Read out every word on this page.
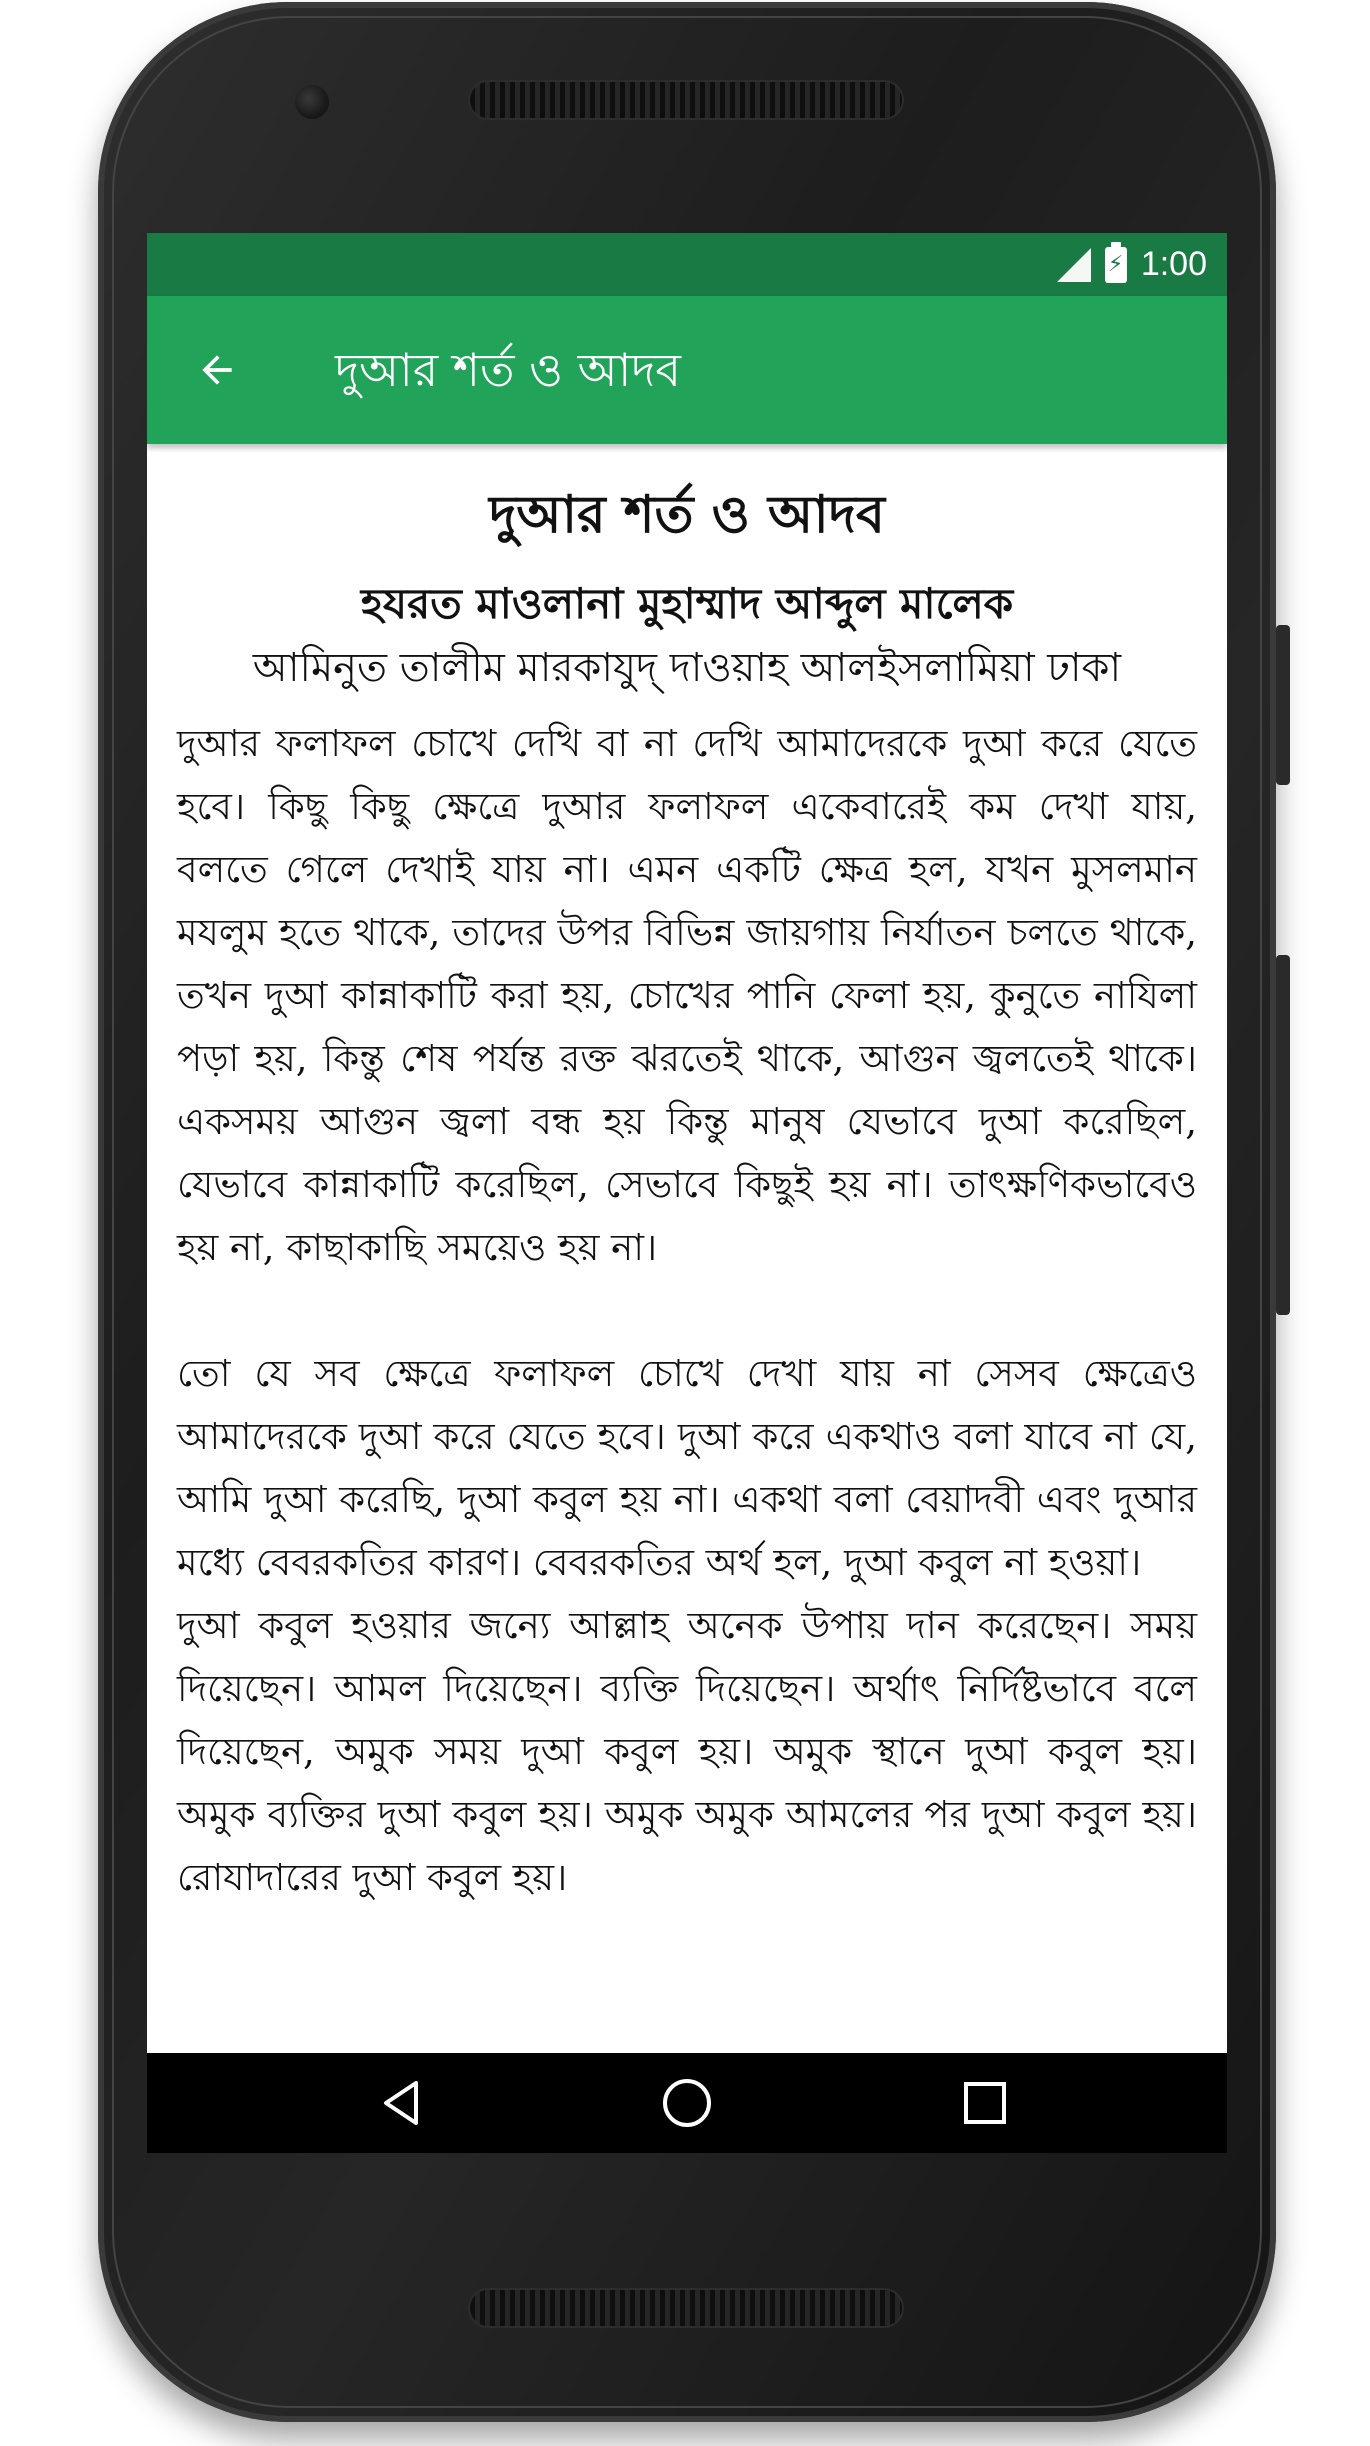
⚡ 1:00
দুআর শর্ত ও আদব
দুআর শর্ত ও আদব
হযরত মাওলানা মুহাম্মাদ আব্দুল মালেক
আমিনুত তালীম মারকাযুদ্ দাওয়াহ আলইসলামিয়া ঢাকা

দুআর ফলাফল চোখে দেখি বা না দেখি আমাদেরকে দুআ করে যেতে হবে। কিছু কিছু ক্ষেত্রে দুআর ফলাফল একেবারেই কম দেখা যায়, বলতে গেলে দেখাই যায় না। এমন একটি ক্ষেত্র হল, যখন মুসলমান মযলুম হতে থাকে, তাদের উপর বিভিন্ন জায়গায় নির্যাতন চলতে থাকে, তখন দুআ কান্নাকাটি করা হয়, চোখের পানি ফেলা হয়, কুনুতে নাযিলা পড়া হয়, কিন্তু শেষ পর্যন্ত রক্ত ঝরতেই থাকে, আগুন জ্বলতেই থাকে। একসময় আগুন জ্বলা বন্ধ হয় কিন্তু মানুষ যেভাবে দুআ করেছিল, যেভাবে কান্নাকাটি করেছিল, সেভাবে কিছুই হয় না। তাৎক্ষণিকভাবেও হয় না, কাছাকাছি সময়েও হয় না।

তো যে সব ক্ষেত্রে ফলাফল চোখে দেখা যায় না সেসব ক্ষেত্রেও আমাদেরকে দুআ করে যেতে হবে। দুআ করে একথাও বলা যাবে না যে, আমি দুআ করেছি, দুআ কবুল হয় না। একথা বলা বেয়াদবী এবং দুআর মধ্যে বেবরকতির কারণ। বেবরকতির অর্থ হল, দুআ কবুল না হওয়া।

দুআ কবুল হওয়ার জন্যে আল্লাহ অনেক উপায় দান করেছেন। সময় দিয়েছেন। আমল দিয়েছেন। ব্যক্তি দিয়েছেন। অর্থাৎ নির্দিষ্টভাবে বলে দিয়েছেন, অমুক সময় দুআ কবুল হয়। অমুক স্থানে দুআ কবুল হয়। অমুক ব্যক্তির দুআ কবুল হয়। অমুক অমুক আমলের পর দুআ কবুল হয়। রোযাদারের দুআ কবুল হয়।
